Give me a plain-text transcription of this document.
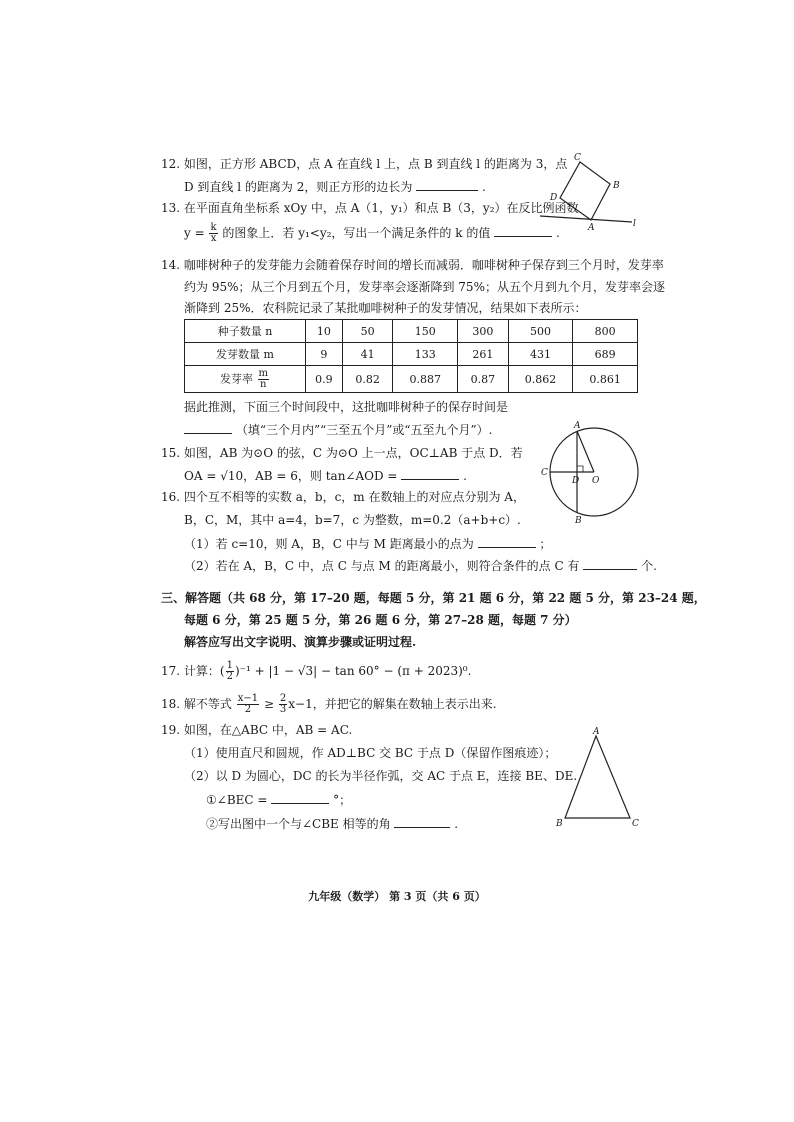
12. 如图，正方形 ABCD，点 A 在直线 l 上，点 B 到直线 l 的距离为 3，点
D 到直线 l 的距离为 2，则正方形的边长为	.
A
B
C
D
l
13. 在平面直角坐标系 xOy 中，点 A（1，y₁）和点 B（3，y₂）在反比例函数
$y = \frac{k}{x}$ 的图象上．若 y₁<y₂，写出一个满足条件的 k 的值	.
14. 咖啡树种子的发芽能力会随着保存时间的增长而减弱．咖啡树种子保存到三个月时，发芽率
约为 95%；从三个月到五个月，发芽率会逐渐降到 75%；从五个月到九个月，发芽率会逐
渐降到 25%．农科院记录了某批咖啡树种子的发芽情况，结果如下表所示：
种子数量 n	10	50	150	300	500	800
发芽数量 m	9	41	133	261	431	689
发芽率 $\frac{m}{n}$	0.9	0.82	0.887	0.87	0.862	0.861
据此推测，下面三个时间段中，这批咖啡树种子的保存时间是
（填“三个月内”“三至五个月”或“五至九个月”）.
15. 如图，AB 为⊙O 的弦，C 为⊙O 上一点，OC⊥AB 于点 D．若
OA = √10，AB = 6，则 tan∠AOD =	.
A
B
C
D O
16. 四个互不相等的实数 a，b，c，m 在数轴上的对应点分别为 A，
B，C，M，其中 a=4，b=7，c 为整数，m=0.2（a+b+c）.
（1）若 c=10，则 A，B，C 中与 M 距离最小的点为	；
（2）若在 A，B，C 中，点 C 与点 M 的距离最小，则符合条件的点 C 有	个.
三、解答题（共 68 分，第 17–20 题，每题 5 分，第 21 题 6 分，第 22 题 5 分，第 23–24 题，
每题 6 分，第 25 题 5 分，第 26 题 6 分，第 27–28 题，每题 7 分）
解答应写出文字说明、演算步骤或证明过程.
17. 计算：( $\frac{1}{2} )^{-1} + |1 - √3| - \tan 60^\circ - (\pi + 2023)^0$.
18. 解不等式 $\frac{x-1}{2} \ge \frac{2}{3} x-1$，并把它的解集在数轴上表示出来.
19. 如图，在△ABC 中，AB = AC.
（1）使用直尺和圆规，作 AD⊥BC 交 BC 于点 D（保留作图痕迹）；
（2）以 D 为圆心，DC 的长为半径作弧，交 AC 于点 E，连接 BE、DE.
①∠BEC =	°；
②写出图中一个与∠CBE 相等的角	.
A
B	C
九年级（数学） 第 3 页（共 6 页）
